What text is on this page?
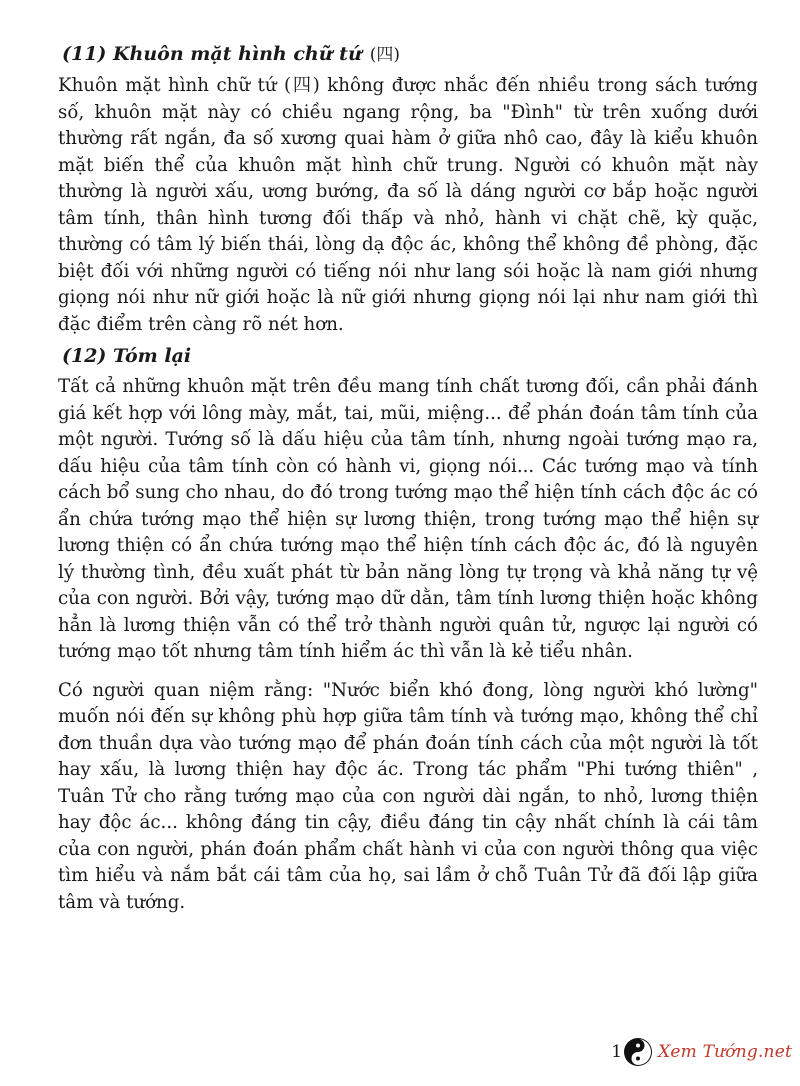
(11) Khuôn mặt hình chữ tứ (四)

Khuôn mặt hình chữ tứ (四) không được nhắc đến nhiều trong sách tướng số, khuôn mặt này có chiều ngang rộng, ba "Đình" từ trên xuống dưới thường rất ngắn, đa số xương quai hàm ở giữa nhô cao, đây là kiểu khuôn mặt biến thể của khuôn mặt hình chữ trung. Người có khuôn mặt này thường là người xấu, ương bướng, đa số là dáng người cơ bắp hoặc người tâm tính, thân hình tương đối thấp và nhỏ, hành vi chặt chẽ, kỳ quặc, thường có tâm lý biến thái, lòng dạ độc ác, không thể không đề phòng, đặc biệt đối với những người có tiếng nói như lang sói hoặc là nam giới nhưng giọng nói như nữ giới hoặc là nữ giới nhưng giọng nói lại như nam giới thì đặc điểm trên càng rõ nét hơn.

(12) Tóm lại

Tất cả những khuôn mặt trên đều mang tính chất tương đối, cần phải đánh giá kết hợp với lông mày, mắt, tai, mũi, miệng... để phán đoán tâm tính của một người. Tướng số là dấu hiệu của tâm tính, nhưng ngoài tướng mạo ra, dấu hiệu của tâm tính còn có hành vi, giọng nói... Các tướng mạo và tính cách bổ sung cho nhau, do đó trong tướng mạo thể hiện tính cách độc ác có ẩn chứa tướng mạo thể hiện sự lương thiện, trong tướng mạo thể hiện sự lương thiện có ẩn chứa tướng mạo thể hiện tính cách độc ác, đó là nguyên lý thường tình, đều xuất phát từ bản năng lòng tự trọng và khả năng tự vệ của con người. Bởi vậy, tướng mạo dữ dằn, tâm tính lương thiện hoặc không hẳn là lương thiện vẫn có thể trở thành người quân tử, ngược lại người có tướng mạo tốt nhưng tâm tính hiểm ác thì vẫn là kẻ tiểu nhân.

Có người quan niệm rằng: "Nước biển khó đong, lòng người khó lường" muốn nói đến sự không phù hợp giữa tâm tính và tướng mạo, không thể chỉ đơn thuần dựa vào tướng mạo để phán đoán tính cách của một người là tốt hay xấu, là lương thiện hay độc ác. Trong tác phẩm "Phi tướng thiên" , Tuân Tử cho rằng tướng mạo của con người dài ngắn, to nhỏ, lương thiện hay độc ác... không đáng tin cậy, điều đáng tin cậy nhất chính là cái tâm của con người, phán đoán phẩm chất hành vi của con người thông qua việc tìm hiểu và nắm bắt cái tâm của họ, sai lầm ở chỗ Tuân Tử đã đối lập giữa tâm và tướng.

1 Xem Tướng.net
